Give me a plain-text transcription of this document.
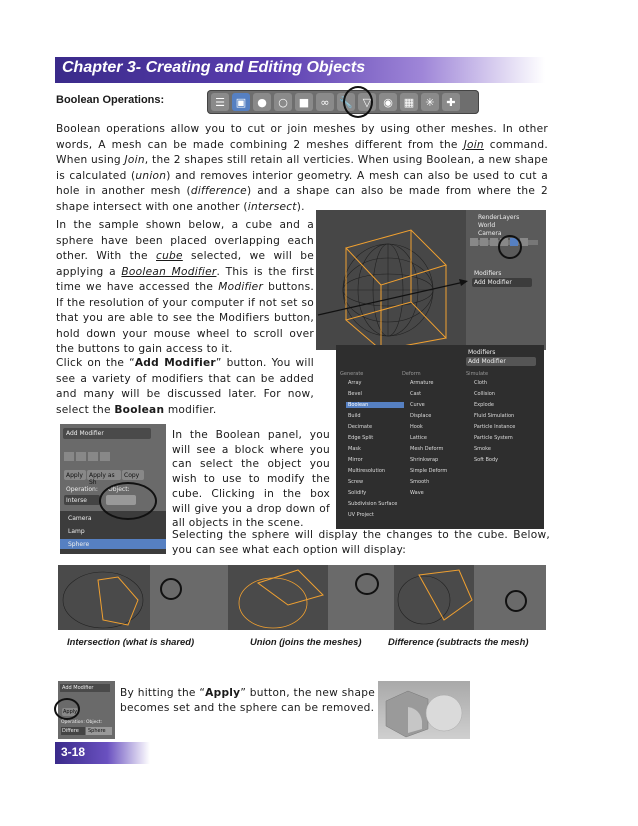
Chapter 3- Creating and Editing Objects
Boolean Operations:	☰ ▣ ●	○	■	∞ 🔧 ▽	◉	▦	✳	✚
Boolean operations allow you to cut or join meshes by using other meshes. In other words, A mesh can be made combining 2 meshes different from the Join command. When using Join, the 2 shapes still retain all verticies. When using Boolean, a new shape is calculated (union) and removes interior geometry. A mesh can also be used to cut a hole in another mesh (difference) and a shape can also be made from where the 2 shape intersect with one another (intersect).
In the sample shown below, a cube and a sphere have been placed overlapping each other. With the cube selected, we will be applying a Boolean Modifier. This is the first time we have accessed the Modifier buttons. If the resolution of your computer if not set so that you are able to see the Modifiers button, hold down your mouse wheel to scroll over the buttons to gain access to it.
Click on the “Add Modifier” button. You will see a variety of modifiers that can be added and many will be discussed later. For now, select the Boolean modifier.
RenderLayers
World
Camera
Modifiers
Add Modifier
Modifiers
Add Modifier
Generate
Array
Bevel
Boolean
Build
Decimate
Edge Split
Mask
Mirror
Multiresolution
Screw
Solidify
Subdivision Surface
UV Project
Deform
Armature
Cast
Curve
Displace
Hook
Lattice
Mesh Deform
Shrinkwrap
Simple Deform
Smooth
Wave
Simulate
Cloth
Collision
Explode
Fluid Simulation
Particle Instance
Particle System
Smoke
Soft Body
Add Modifier
Apply Apply as Sh
Copy
Operation: Object:
Interse
Camera
Lamp
Sphere
In the Boolean panel, you will see a block where you can select the object you wish to use to modify the cube. Clicking in the box will give you a drop down of all objects in the scene.
Selecting the sphere will display the changes to the cube. Below, you can see what each option will display:
Intersection (what is shared)	Union (joins the meshes)	Difference (subtracts the mesh)
Add Modifier
Apply
Operation: Object:
Differe Sphere
By hitting the “Apply” button, the new shape becomes set and the sphere can be removed.
3-18
